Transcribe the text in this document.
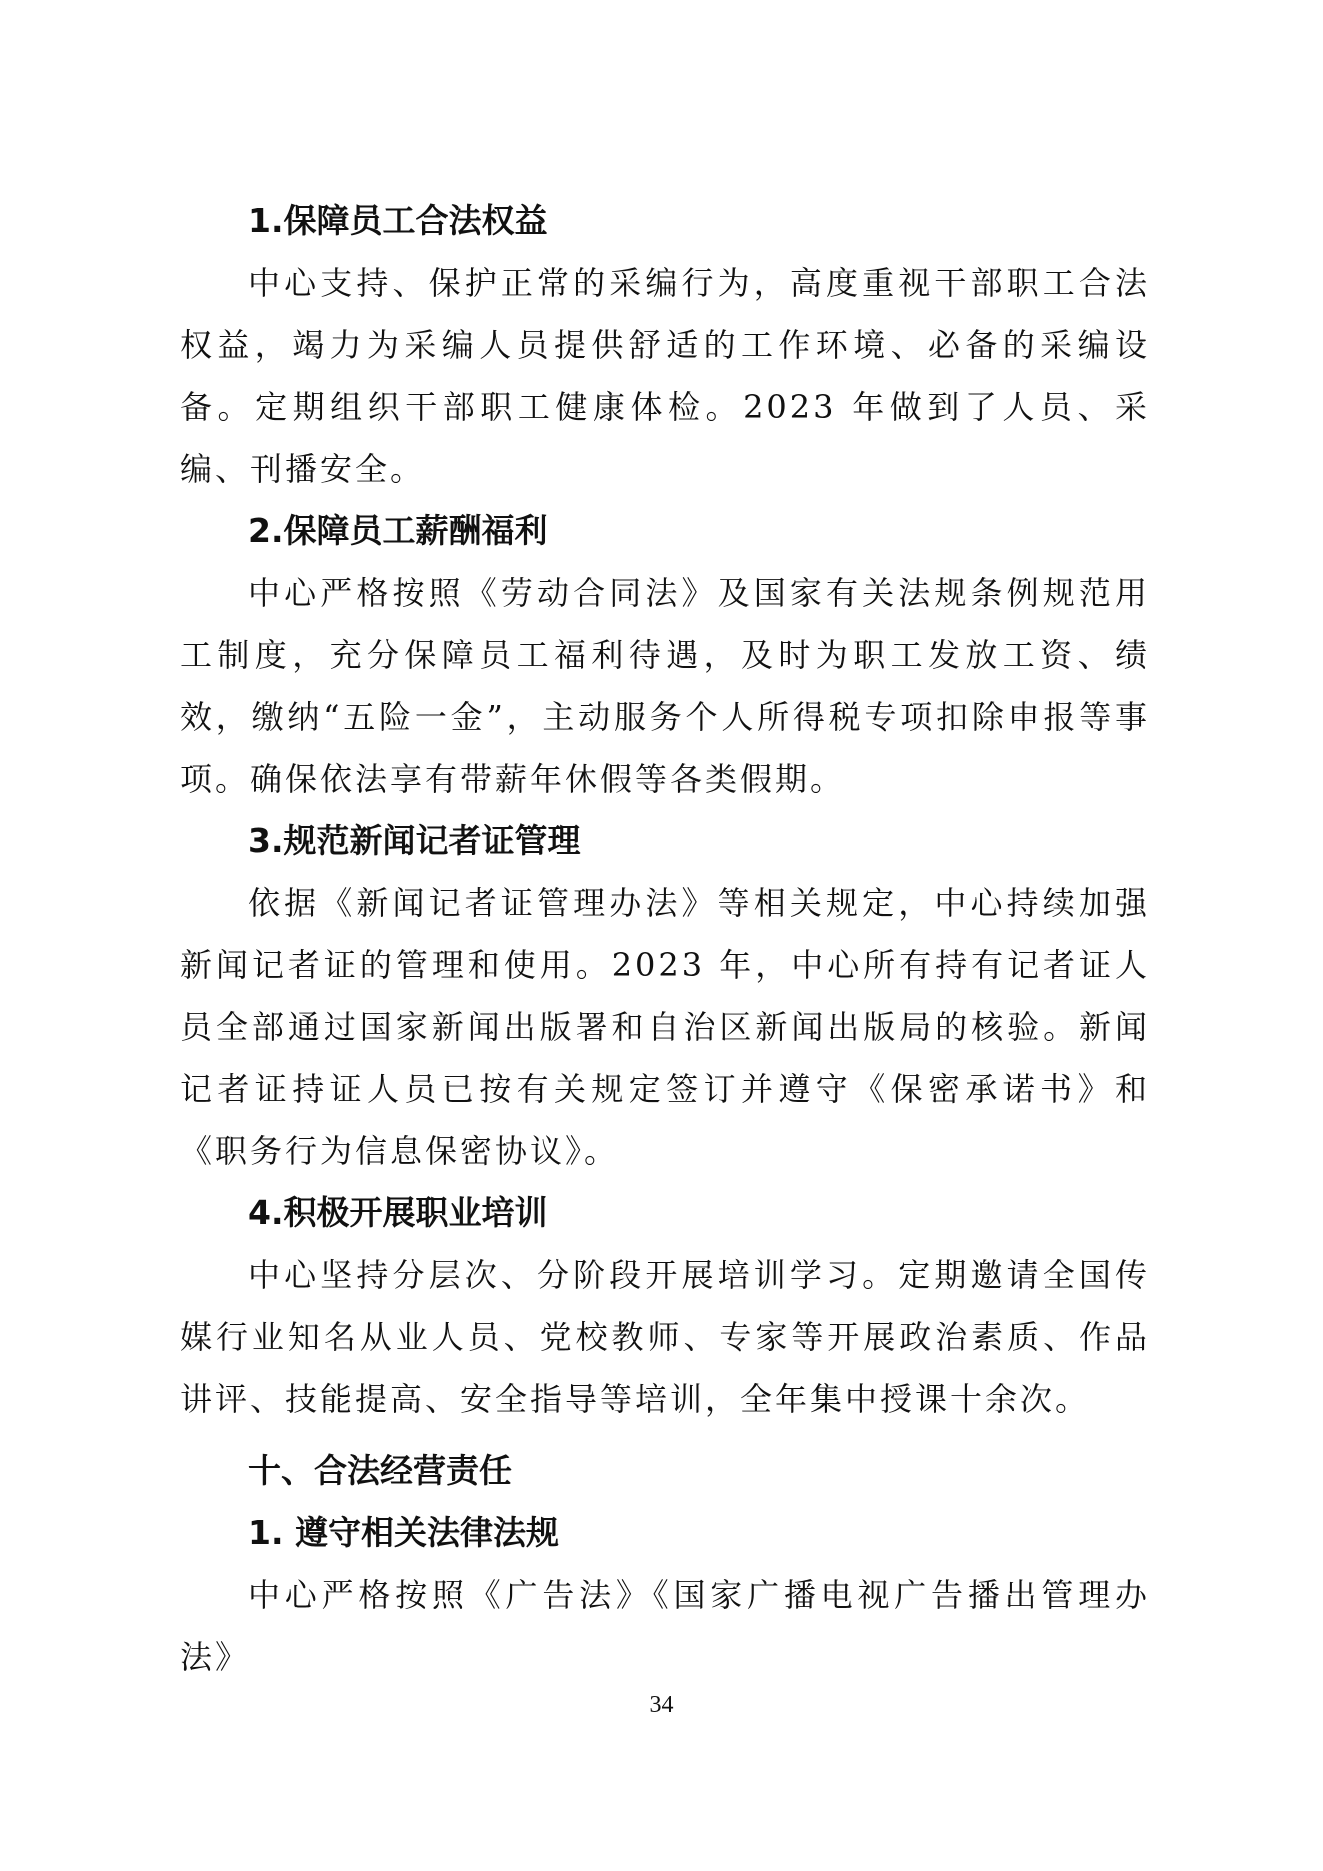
1.保障员工合法权益
中心支持、保护正常的采编行为，高度重视干部职工合法权益，竭力为采编人员提供舒适的工作环境、必备的采编设备。定期组织干部职工健康体检。2023 年做到了人员、采编、刊播安全。
2.保障员工薪酬福利
中心严格按照《劳动合同法》及国家有关法规条例规范用工制度，充分保障员工福利待遇，及时为职工发放工资、绩效，缴纳“五险一金”，主动服务个人所得税专项扣除申报等事项。确保依法享有带薪年休假等各类假期。
3.规范新闻记者证管理
依据《新闻记者证管理办法》等相关规定，中心持续加强新闻记者证的管理和使用。2023 年，中心所有持有记者证人员全部通过国家新闻出版署和自治区新闻出版局的核验。新闻记者证持证人员已按有关规定签订并遵守《保密承诺书》和《职务行为信息保密协议》。
4.积极开展职业培训
中心坚持分层次、分阶段开展培训学习。定期邀请全国传媒行业知名从业人员、党校教师、专家等开展政治素质、作品讲评、技能提高、安全指导等培训，全年集中授课十余次。
十、合法经营责任
1. 遵守相关法律法规
中心严格按照《广告法》《国家广播电视广告播出管理办法》
34
